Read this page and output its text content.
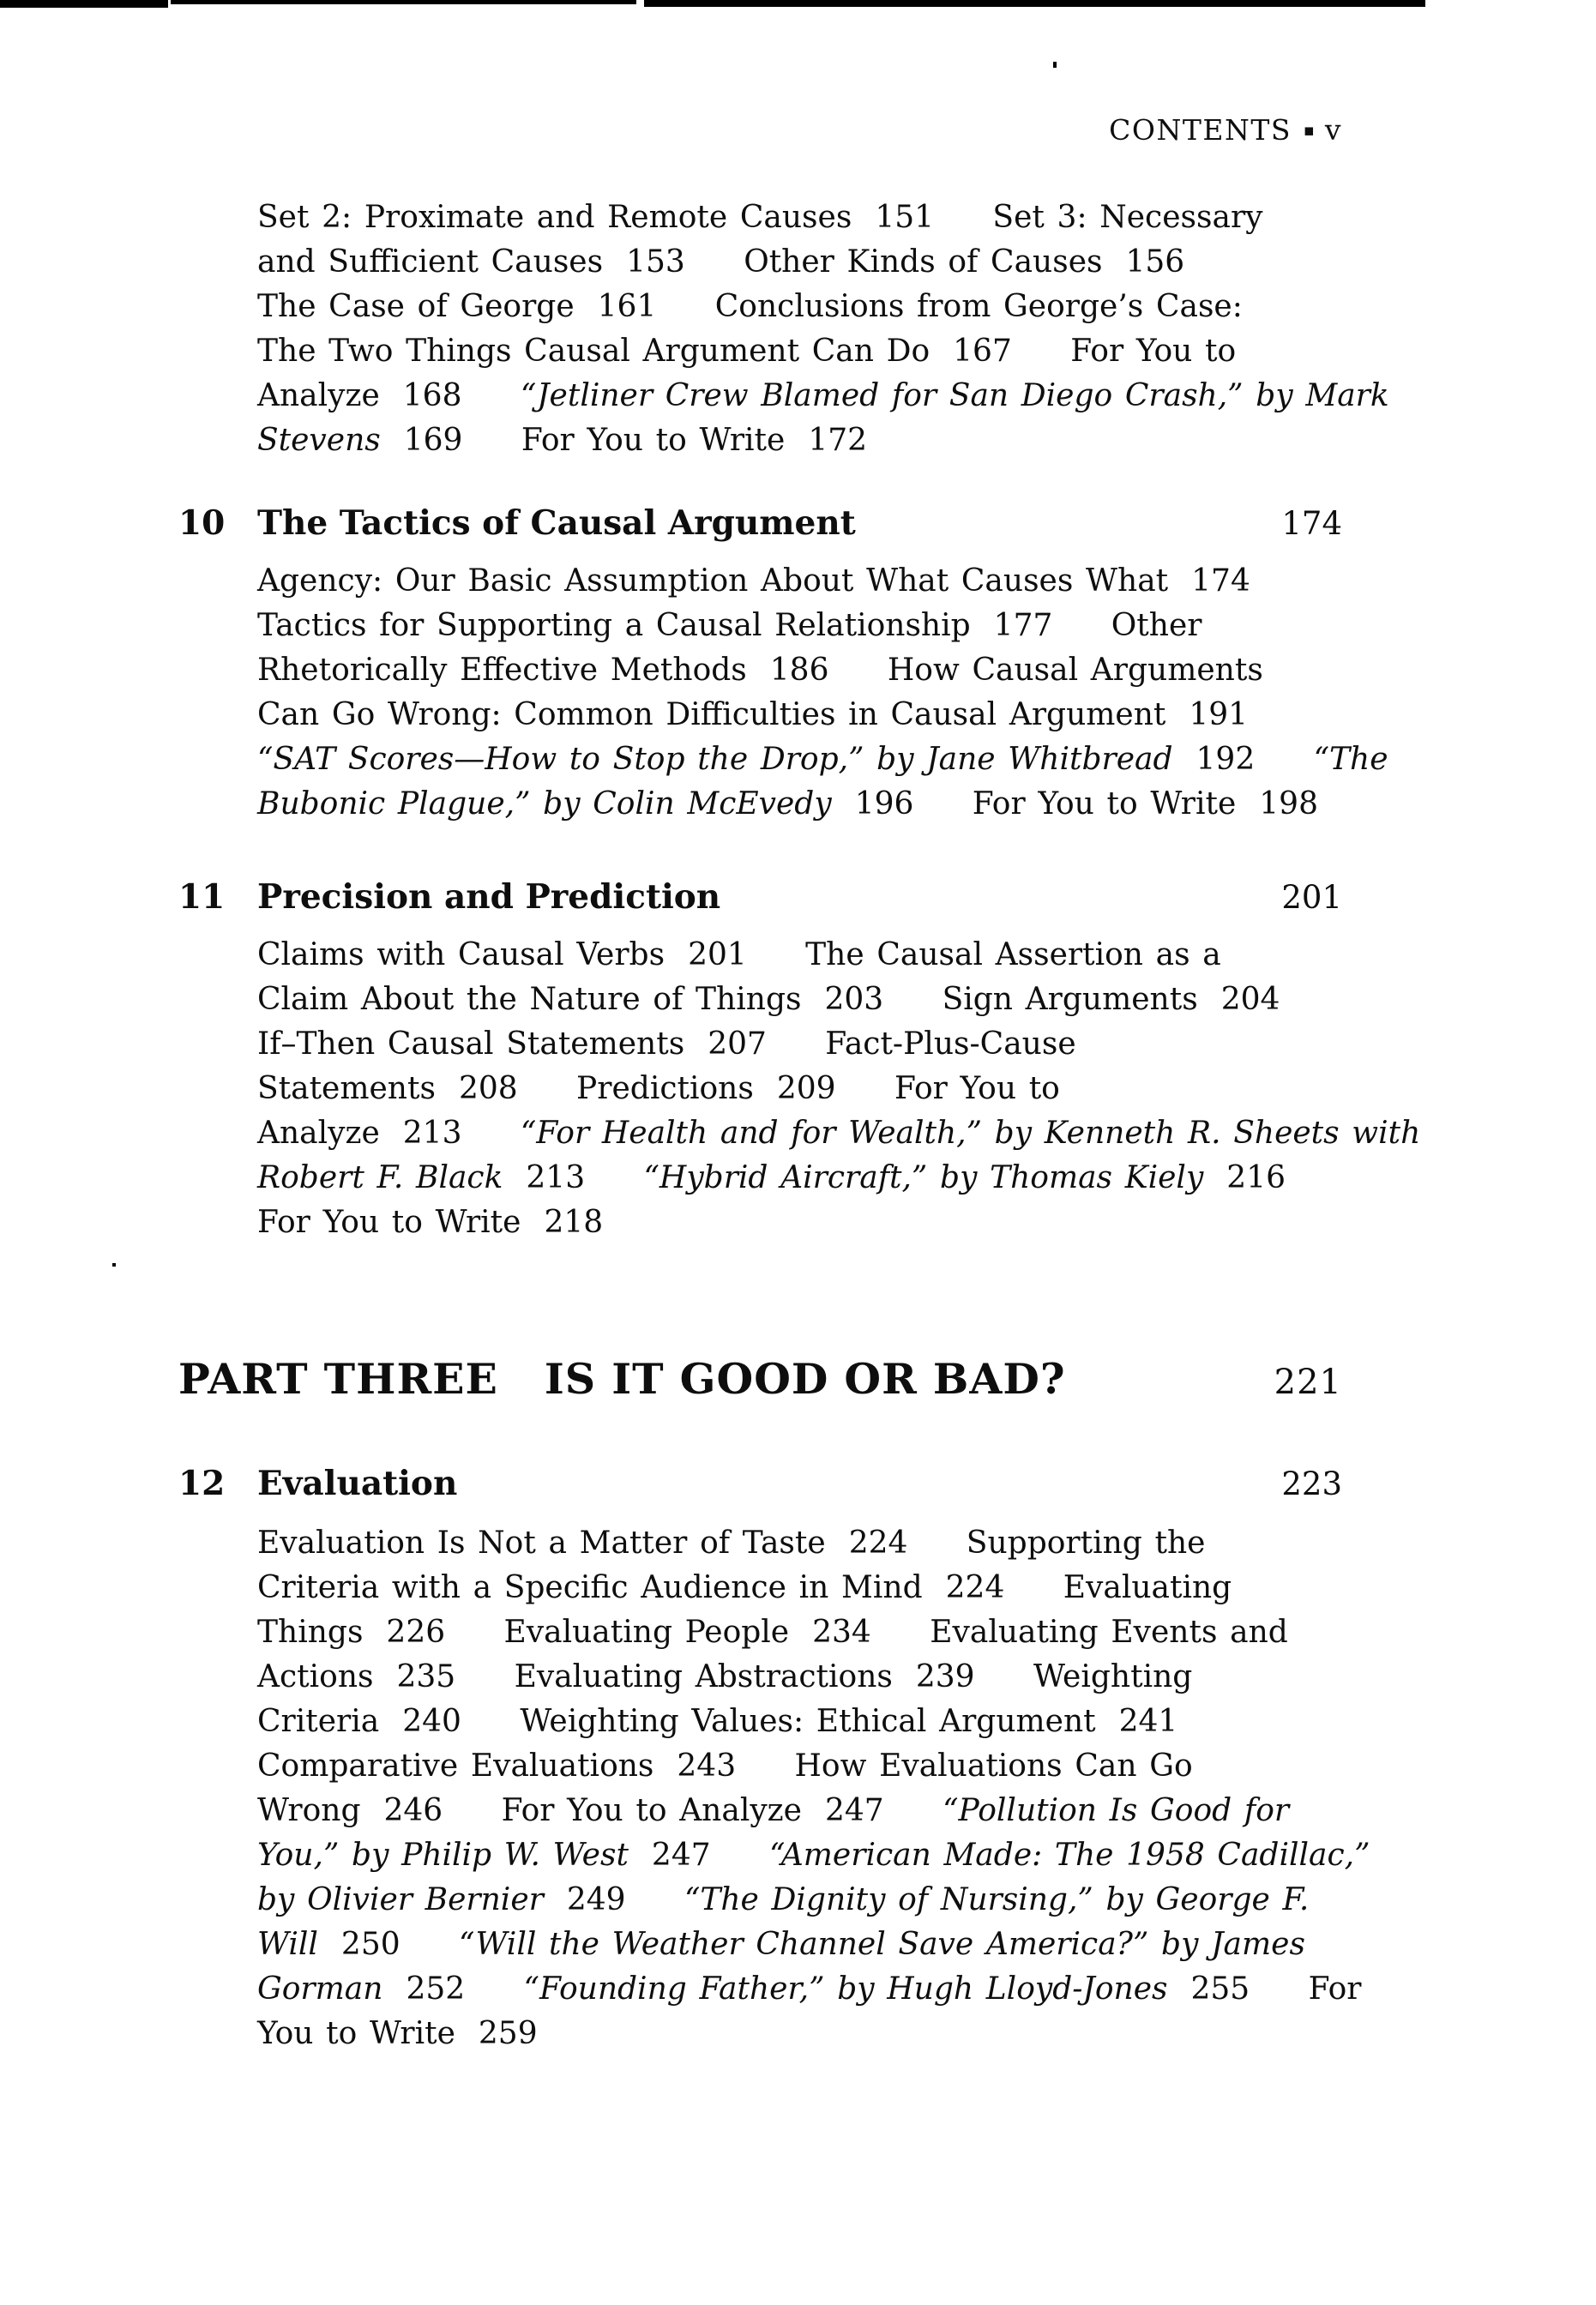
CONTENTS ▪ v
Set 2: Proximate and Remote Causes 151 Set 3: Necessary
and Sufficient Causes 153 Other Kinds of Causes 156
The Case of George 161 Conclusions from George’s Case:
The Two Things Causal Argument Can Do 167 For You to
Analyze 168 “Jetliner Crew Blamed for San Diego Crash,” by Mark
Stevens 169 For You to Write 172
10 The Tactics of Causal Argument	174
Agency: Our Basic Assumption About What Causes What 174
Tactics for Supporting a Causal Relationship 177 Other
Rhetorically Effective Methods 186 How Causal Arguments
Can Go Wrong: Common Difficulties in Causal Argument 191
“SAT Scores—How to Stop the Drop,” by Jane Whitbread 192 “The
Bubonic Plague,” by Colin McEvedy 196 For You to Write 198
11 Precision and Prediction	201
Claims with Causal Verbs 201 The Causal Assertion as a
Claim About the Nature of Things 203 Sign Arguments 204
If–Then Causal Statements 207 Fact-Plus-Cause
Statements 208 Predictions 209 For You to
Analyze 213 “For Health and for Wealth,” by Kenneth R. Sheets with
Robert F. Black 213 “Hybrid Aircraft,” by Thomas Kiely 216
For You to Write 218
PART THREE IS IT GOOD OR BAD?	221
12 Evaluation	223
Evaluation Is Not a Matter of Taste 224 Supporting the
Criteria with a Specific Audience in Mind 224 Evaluating
Things 226 Evaluating People 234 Evaluating Events and
Actions 235 Evaluating Abstractions 239 Weighting
Criteria 240 Weighting Values: Ethical Argument 241
Comparative Evaluations 243 How Evaluations Can Go
Wrong 246 For You to Analyze 247 “Pollution Is Good for
You,” by Philip W. West 247 “American Made: The 1958 Cadillac,”
by Olivier Bernier 249 “The Dignity of Nursing,” by George F.
Will 250 “Will the Weather Channel Save America?” by James
Gorman 252 “Founding Father,” by Hugh Lloyd-Jones 255 For
You to Write 259
